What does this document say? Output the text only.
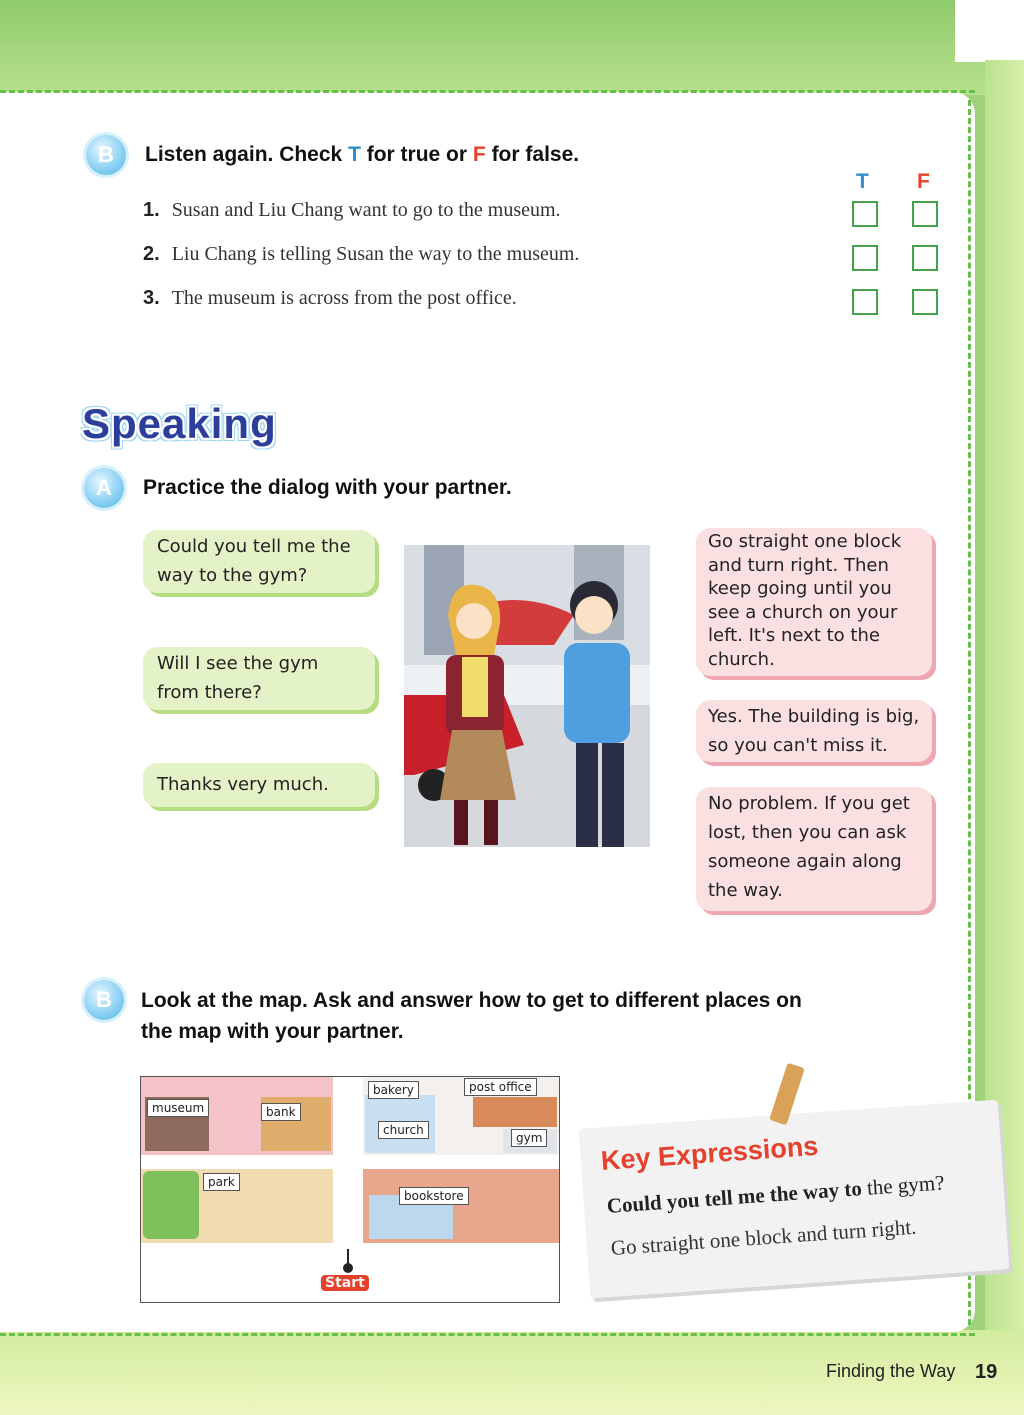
B	Listen again. Check T for true or F for false.
T F
1. Susan and Liu Chang want to go to the museum.
2. Liu Chang is telling Susan the way to the museum.
3. The museum is across from the post office.
Speaking
A	Practice the dialog with your partner.
Could you tell me the way to the gym?
Will I see the gym from there?
Thanks very much.
Go straight one block and turn right. Then keep going until you see a church on your left. It's next to the church.
Yes. The building is big, so you can't miss it.
No problem. If you get lost, then you can ask someone again along the way.
B	Look at the map. Ask and answer how to get to different places on
the map with your partner.
museum	bank
bakery	post office
church
gym
park
bookstore
Start
Key Expressions
Could you tell me the way to the gym?
Go straight one block and turn right.
Finding the Way 19
